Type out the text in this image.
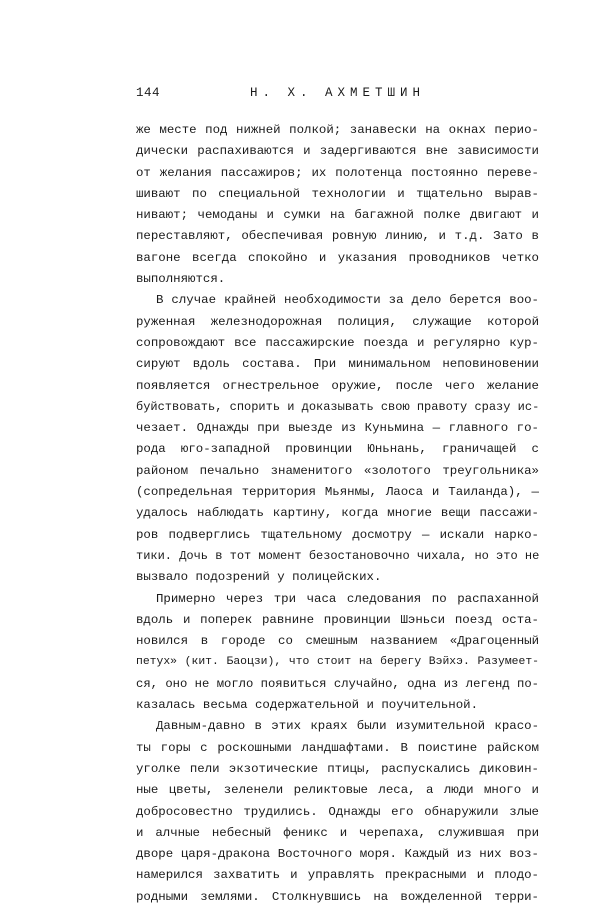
144	Н. Х. АХМЕТШИН
же месте под нижней полкой; занавески на окнах перио-
дически распахиваются и задергиваются вне зависимости
от желания пассажиров; их полотенца постоянно переве-
шивают по специальной технологии и тщательно вырав-
нивают; чемоданы и сумки на багажной полке двигают и
переставляют, обеспечивая ровную линию, и т.д. Зато в
вагоне всегда спокойно и указания проводников четко
выполняются.
В случае крайней необходимости за дело берется воо-
руженная железнодорожная полиция, служащие которой
сопровождают все пассажирские поезда и регулярно кур-
сируют вдоль состава. При минимальном неповиновении
появляется огнестрельное оружие, после чего желание
буйствовать, спорить и доказывать свою правоту сразу ис-
чезает. Однажды при выезде из Куньмина — главного го-
рода юго-западной провинции Юньнань, граничащей с
районом печально знаменитого «золотого треугольника»
(сопредельная территория Мьянмы, Лаоса и Таиланда), —
удалось наблюдать картину, когда многие вещи пассажи-
ров подверглись тщательному досмотру — искали нарко-
тики. Дочь в тот момент безостановочно чихала, но это не
вызвало подозрений у полицейских.
Примерно через три часа следования по распаханной
вдоль и поперек равнине провинции Шэньси поезд оста-
новился в городе со смешным названием «Драгоценный
петух» (кит. Баоцзи), что стоит на берегу Вэйхэ. Разумеет-
ся, оно не могло появиться случайно, одна из легенд по-
казалась весьма содержательной и поучительной.
Давным-давно в этих краях были изумительной красо-
ты горы с роскошными ландшафтами. В поистине райском
уголке пели экзотические птицы, распускались диковин-
ные цветы, зеленели реликтовые леса, а люди много и
добросовестно трудились. Однажды его обнаружили злые
и алчные небесный феникс и черепаха, служившая при
дворе царя-дракона Восточного моря. Каждый из них воз-
намерился захватить и управлять прекрасными и плодо-
родными землями. Столкнувшись на вожделенной терри-
